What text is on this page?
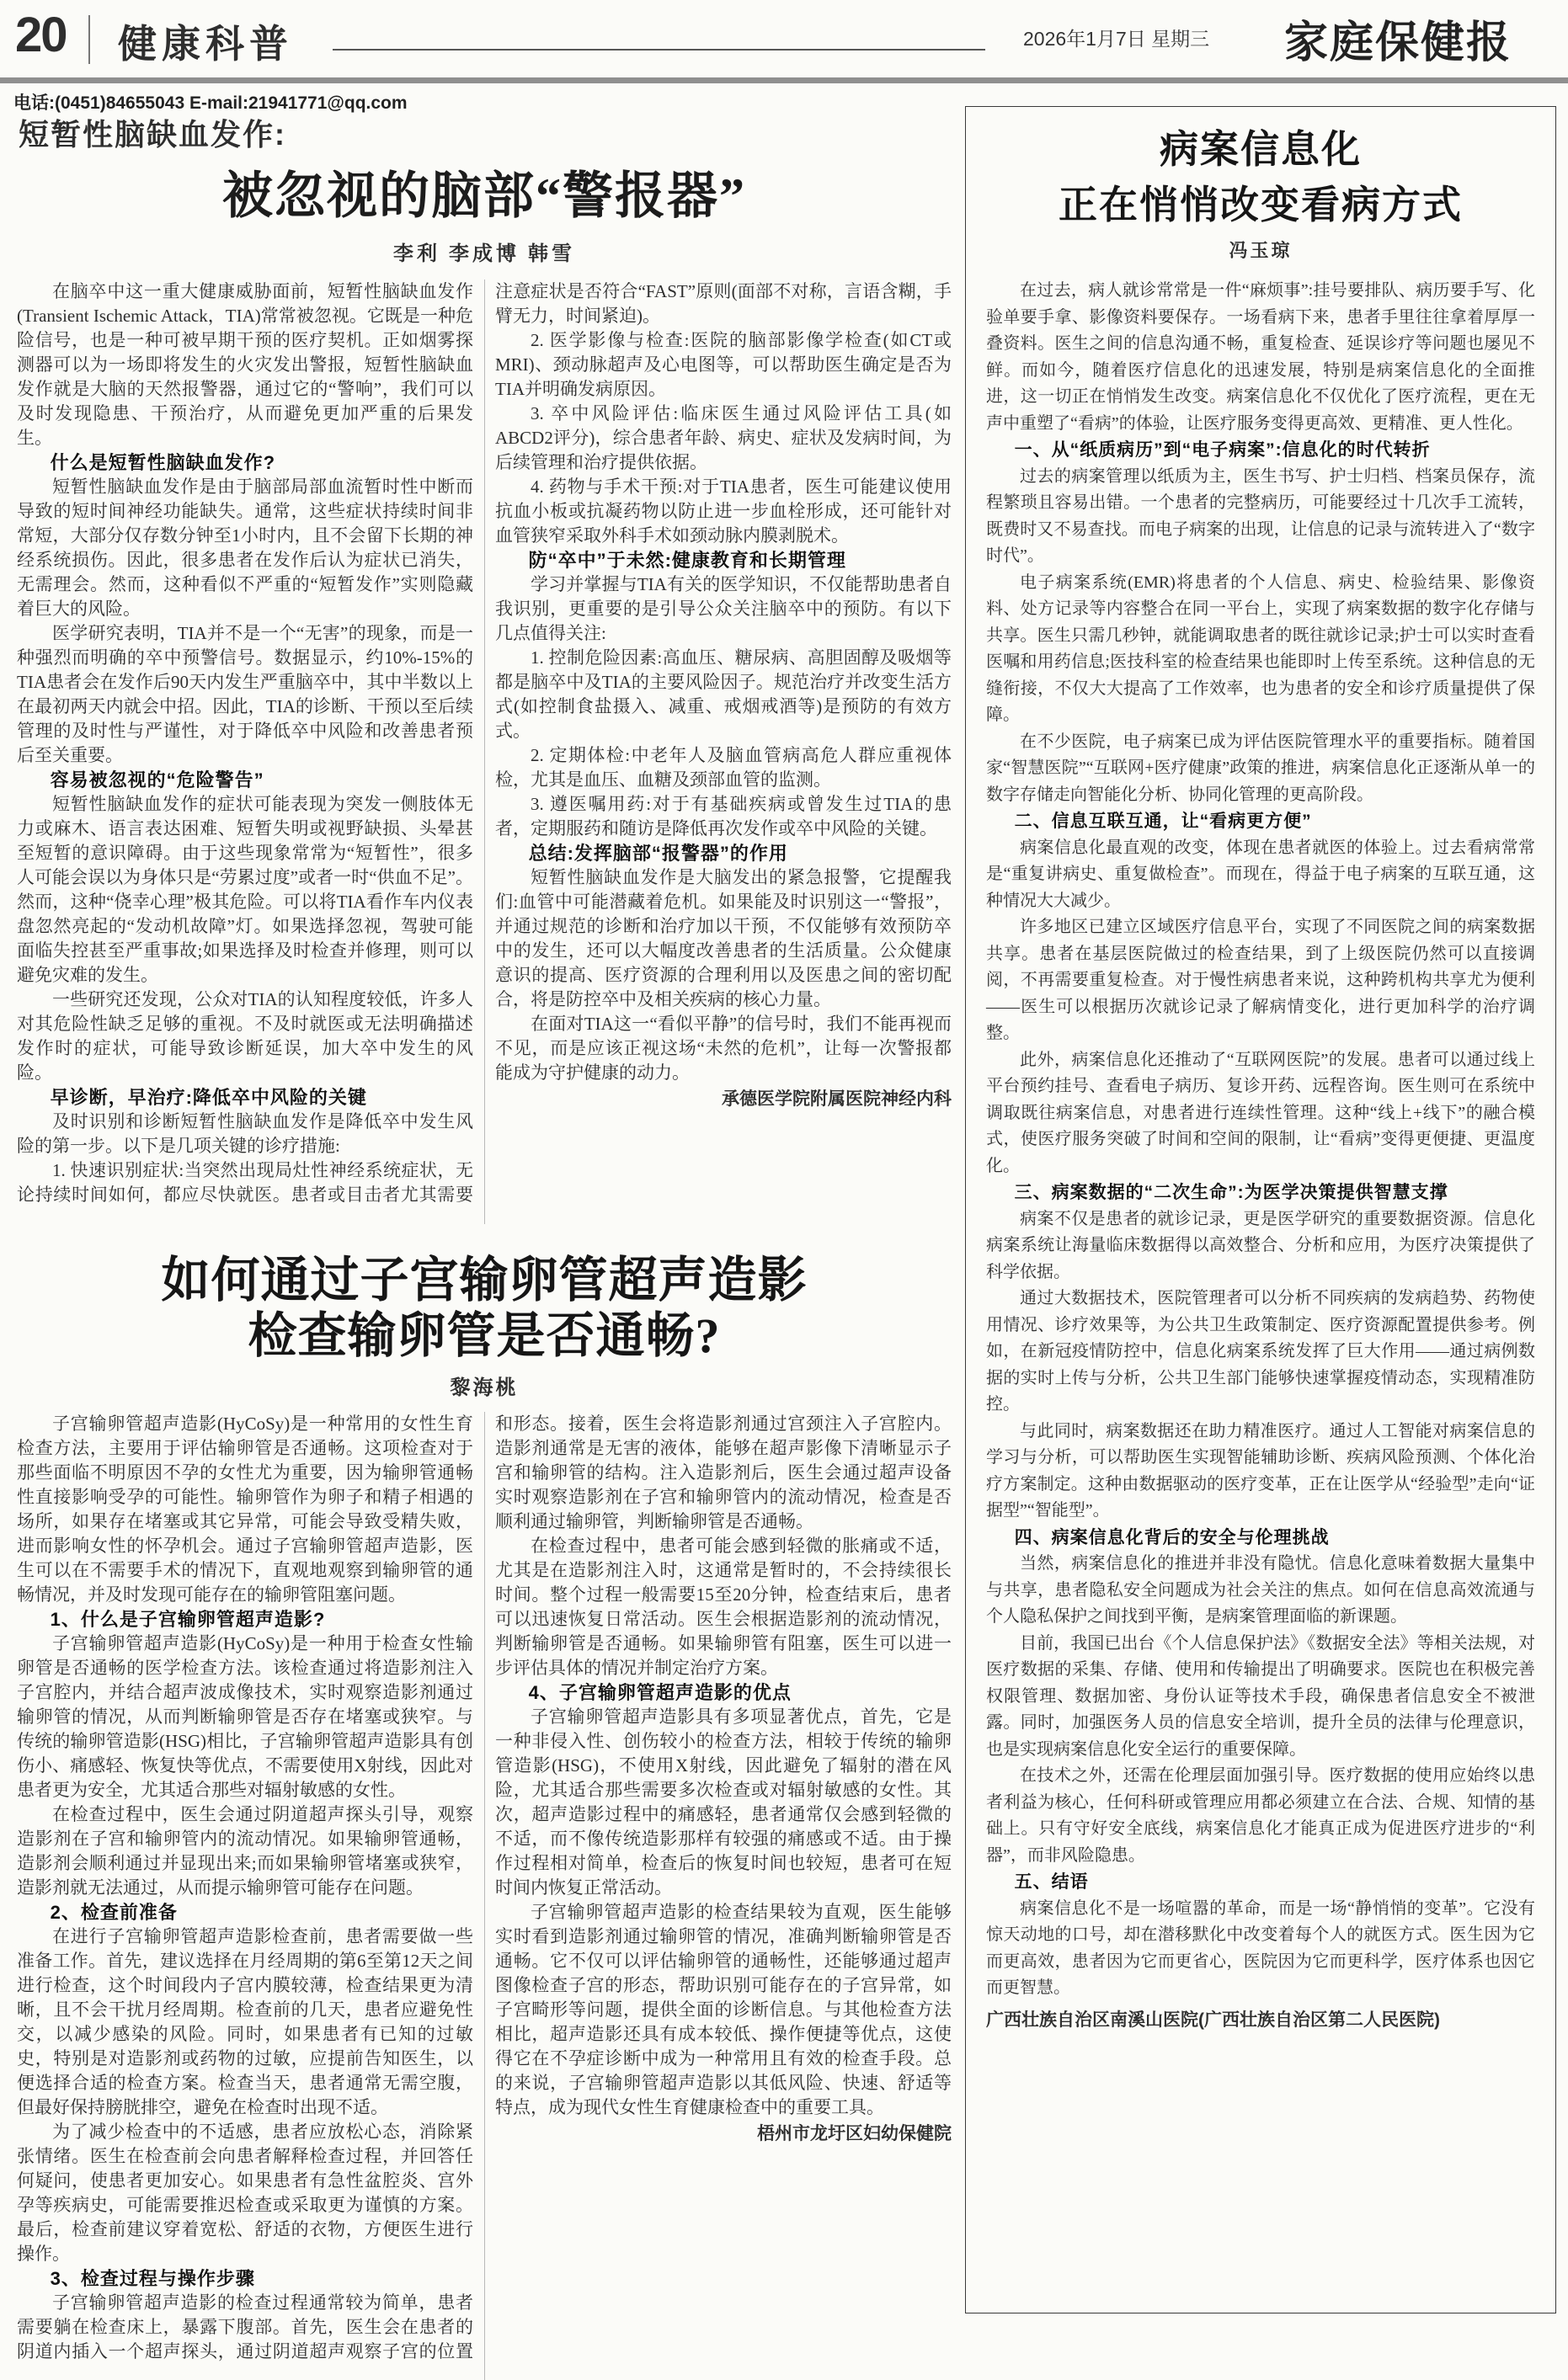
20 健康科普	2026年1月7日 星期三 家庭保健报
电话:(0451)84655043 E-mail:21941771@qq.com
短暂性脑缺血发作:
被忽视的脑部“警报器”
李利 李成博 韩雪

在脑卒中这一重大健康威胁面前，短暂性脑缺血发作(Transient Ischemic Attack，TIA)常常被忽视。它既是一种危险信号，也是一种可被早期干预的医疗契机。正如烟雾探测器可以为一场即将发生的火灾发出警报，短暂性脑缺血发作就是大脑的天然报警器，通过它的“警响”，我们可以及时发现隐患、干预治疗，从而避免更加严重的后果发生。

什么是短暂性脑缺血发作?

短暂性脑缺血发作是由于脑部局部血流暂时性中断而导致的短时间神经功能缺失。通常，这些症状持续时间非常短，大部分仅存数分钟至1小时内，且不会留下长期的神经系统损伤。因此，很多患者在发作后认为症状已消失，无需理会。然而，这种看似不严重的“短暂发作”实则隐藏着巨大的风险。

医学研究表明，TIA并不是一个“无害”的现象，而是一种强烈而明确的卒中预警信号。数据显示，约10%-15%的TIA患者会在发作后90天内发生严重脑卒中，其中半数以上在最初两天内就会中招。因此，TIA的诊断、干预以至后续管理的及时性与严谨性，对于降低卒中风险和改善患者预后至关重要。

容易被忽视的“危险警告”

短暂性脑缺血发作的症状可能表现为突发一侧肢体无力或麻木、语言表达困难、短暂失明或视野缺损、头晕甚至短暂的意识障碍。由于这些现象常常为“短暂性”，很多人可能会误以为身体只是“劳累过度”或者一时“供血不足”。然而，这种“侥幸心理”极其危险。可以将TIA看作车内仪表盘忽然亮起的“发动机故障”灯。如果选择忽视，驾驶可能面临失控甚至严重事故;如果选择及时检查并修理，则可以避免灾难的发生。

一些研究还发现，公众对TIA的认知程度较低，许多人对其危险性缺乏足够的重视。不及时就医或无法明确描述发作时的症状，可能导致诊断延误，加大卒中发生的风险。

早诊断，早治疗:降低卒中风险的关键

及时识别和诊断短暂性脑缺血发作是降低卒中发生风险的第一步。以下是几项关键的诊疗措施:

1. 快速识别症状:当突然出现局灶性神经系统症状，无论持续时间如何，都应尽快就医。患者或目击者尤其需要注意症状是否符合“FAST”原则(面部不对称，言语含糊，手臂无力，时间紧迫)。

2. 医学影像与检查:医院的脑部影像学检查(如CT或MRI)、颈动脉超声及心电图等，可以帮助医生确定是否为TIA并明确发病原因。

3. 卒中风险评估:临床医生通过风险评估工具(如ABCD2评分)，综合患者年龄、病史、症状及发病时间，为后续管理和治疗提供依据。

4. 药物与手术干预:对于TIA患者，医生可能建议使用抗血小板或抗凝药物以防止进一步血栓形成，还可能针对血管狭窄采取外科手术如颈动脉内膜剥脱术。

防“卒中”于未然:健康教育和长期管理

学习并掌握与TIA有关的医学知识，不仅能帮助患者自我识别，更重要的是引导公众关注脑卒中的预防。有以下几点值得关注:

1. 控制危险因素:高血压、糖尿病、高胆固醇及吸烟等都是脑卒中及TIA的主要风险因子。规范治疗并改变生活方式(如控制食盐摄入、减重、戒烟戒酒等)是预防的有效方式。

2. 定期体检:中老年人及脑血管病高危人群应重视体检，尤其是血压、血糖及颈部血管的监测。

3. 遵医嘱用药:对于有基础疾病或曾发生过TIA的患者，定期服药和随访是降低再次发作或卒中风险的关键。

总结:发挥脑部“报警器”的作用

短暂性脑缺血发作是大脑发出的紧急报警，它提醒我们:血管中可能潜藏着危机。如果能及时识别这一“警报”，并通过规范的诊断和治疗加以干预，不仅能够有效预防卒中的发生，还可以大幅度改善患者的生活质量。公众健康意识的提高、医疗资源的合理利用以及医患之间的密切配合，将是防控卒中及相关疾病的核心力量。

在面对TIA这一“看似平静”的信号时，我们不能再视而不见，而是应该正视这场“未然的危机”，让每一次警报都能成为守护健康的动力。

承德医学院附属医院神经内科
如何通过子宫输卵管超声造影
检查输卵管是否通畅?
黎海桃

子宫输卵管超声造影(HyCoSy)是一种常用的女性生育检查方法，主要用于评估输卵管是否通畅。这项检查对于那些面临不明原因不孕的女性尤为重要，因为输卵管通畅性直接影响受孕的可能性。输卵管作为卵子和精子相遇的场所，如果存在堵塞或其它异常，可能会导致受精失败，进而影响女性的怀孕机会。通过子宫输卵管超声造影，医生可以在不需要手术的情况下，直观地观察到输卵管的通畅情况，并及时发现可能存在的输卵管阻塞问题。

1、什么是子宫输卵管超声造影?

子宫输卵管超声造影(HyCoSy)是一种用于检查女性输卵管是否通畅的医学检查方法。该检查通过将造影剂注入子宫腔内，并结合超声波成像技术，实时观察造影剂通过输卵管的情况，从而判断输卵管是否存在堵塞或狭窄。与传统的输卵管造影(HSG)相比，子宫输卵管超声造影具有创伤小、痛感轻、恢复快等优点，不需要使用X射线，因此对患者更为安全，尤其适合那些对辐射敏感的女性。

在检查过程中，医生会通过阴道超声探头引导，观察造影剂在子宫和输卵管内的流动情况。如果输卵管通畅，造影剂会顺利通过并显现出来;而如果输卵管堵塞或狭窄，造影剂就无法通过，从而提示输卵管可能存在问题。

2、检查前准备

在进行子宫输卵管超声造影检查前，患者需要做一些准备工作。首先，建议选择在月经周期的第6至第12天之间进行检查，这个时间段内子宫内膜较薄，检查结果更为清晰，且不会干扰月经周期。检查前的几天，患者应避免性交，以减少感染的风险。同时，如果患者有已知的过敏史，特别是对造影剂或药物的过敏，应提前告知医生，以便选择合适的检查方案。检查当天，患者通常无需空腹，但最好保持膀胱排空，避免在检查时出现不适。

为了减少检查中的不适感，患者应放松心态，消除紧张情绪。医生在检查前会向患者解释检查过程，并回答任何疑问，使患者更加安心。如果患者有急性盆腔炎、宫外孕等疾病史，可能需要推迟检查或采取更为谨慎的方案。最后，检查前建议穿着宽松、舒适的衣物，方便医生进行操作。

3、检查过程与操作步骤

子宫输卵管超声造影的检查过程通常较为简单，患者需要躺在检查床上，暴露下腹部。首先，医生会在患者的阴道内插入一个超声探头，通过阴道超声观察子宫的位置和形态。接着，医生会将造影剂通过宫颈注入子宫腔内。造影剂通常是无害的液体，能够在超声影像下清晰显示子宫和输卵管的结构。注入造影剂后，医生会通过超声设备实时观察造影剂在子宫和输卵管内的流动情况，检查是否顺利通过输卵管，判断输卵管是否通畅。

在检查过程中，患者可能会感到轻微的胀痛或不适，尤其是在造影剂注入时，这通常是暂时的，不会持续很长时间。整个过程一般需要15至20分钟，检查结束后，患者可以迅速恢复日常活动。医生会根据造影剂的流动情况，判断输卵管是否通畅。如果输卵管有阻塞，医生可以进一步评估具体的情况并制定治疗方案。

4、子宫输卵管超声造影的优点

子宫输卵管超声造影具有多项显著优点，首先，它是一种非侵入性、创伤较小的检查方法，相较于传统的输卵管造影(HSG)，不使用X射线，因此避免了辐射的潜在风险，尤其适合那些需要多次检查或对辐射敏感的女性。其次，超声造影过程中的痛感轻，患者通常仅会感到轻微的不适，而不像传统造影那样有较强的痛感或不适。由于操作过程相对简单，检查后的恢复时间也较短，患者可在短时间内恢复正常活动。

子宫输卵管超声造影的检查结果较为直观，医生能够实时看到造影剂通过输卵管的情况，准确判断输卵管是否通畅。它不仅可以评估输卵管的通畅性，还能够通过超声图像检查子宫的形态，帮助识别可能存在的子宫异常，如子宫畸形等问题，提供全面的诊断信息。与其他检查方法相比，超声造影还具有成本较低、操作便捷等优点，这使得它在不孕症诊断中成为一种常用且有效的检查手段。总的来说，子宫输卵管超声造影以其低风险、快速、舒适等特点，成为现代女性生育健康检查中的重要工具。

梧州市龙圩区妇幼保健院
病案信息化
正在悄悄改变看病方式
冯玉琼

在过去，病人就诊常常是一件“麻烦事”:挂号要排队、病历要手写、化验单要手拿、影像资料要保存。一场看病下来，患者手里往往拿着厚厚一叠资料。医生之间的信息沟通不畅，重复检查、延误诊疗等问题也屡见不鲜。而如今，随着医疗信息化的迅速发展，特别是病案信息化的全面推进，这一切正在悄悄发生改变。病案信息化不仅优化了医疗流程，更在无声中重塑了“看病”的体验，让医疗服务变得更高效、更精准、更人性化。

一、从“纸质病历”到“电子病案”:信息化的时代转折

过去的病案管理以纸质为主，医生书写、护士归档、档案员保存，流程繁琐且容易出错。一个患者的完整病历，可能要经过十几次手工流转，既费时又不易查找。而电子病案的出现，让信息的记录与流转进入了“数字时代”。

电子病案系统(EMR)将患者的个人信息、病史、检验结果、影像资料、处方记录等内容整合在同一平台上，实现了病案数据的数字化存储与共享。医生只需几秒钟，就能调取患者的既往就诊记录;护士可以实时查看医嘱和用药信息;医技科室的检查结果也能即时上传至系统。这种信息的无缝衔接，不仅大大提高了工作效率，也为患者的安全和诊疗质量提供了保障。

在不少医院，电子病案已成为评估医院管理水平的重要指标。随着国家“智慧医院”“互联网+医疗健康”政策的推进，病案信息化正逐渐从单一的数字存储走向智能化分析、协同化管理的更高阶段。

二、信息互联互通，让“看病更方便”

病案信息化最直观的改变，体现在患者就医的体验上。过去看病常常是“重复讲病史、重复做检查”。而现在，得益于电子病案的互联互通，这种情况大大减少。

许多地区已建立区域医疗信息平台，实现了不同医院之间的病案数据共享。患者在基层医院做过的检查结果，到了上级医院仍然可以直接调阅，不再需要重复检查。对于慢性病患者来说，这种跨机构共享尤为便利——医生可以根据历次就诊记录了解病情变化，进行更加科学的治疗调整。

此外，病案信息化还推动了“互联网医院”的发展。患者可以通过线上平台预约挂号、查看电子病历、复诊开药、远程咨询。医生则可在系统中调取既往病案信息，对患者进行连续性管理。这种“线上+线下”的融合模式，使医疗服务突破了时间和空间的限制，让“看病”变得更便捷、更温度化。

三、病案数据的“二次生命”:为医学决策提供智慧支撑

病案不仅是患者的就诊记录，更是医学研究的重要数据资源。信息化病案系统让海量临床数据得以高效整合、分析和应用，为医疗决策提供了科学依据。

通过大数据技术，医院管理者可以分析不同疾病的发病趋势、药物使用情况、诊疗效果等，为公共卫生政策制定、医疗资源配置提供参考。例如，在新冠疫情防控中，信息化病案系统发挥了巨大作用——通过病例数据的实时上传与分析，公共卫生部门能够快速掌握疫情动态，实现精准防控。

与此同时，病案数据还在助力精准医疗。通过人工智能对病案信息的学习与分析，可以帮助医生实现智能辅助诊断、疾病风险预测、个体化治疗方案制定。这种由数据驱动的医疗变革，正在让医学从“经验型”走向“证据型”“智能型”。

四、病案信息化背后的安全与伦理挑战

当然，病案信息化的推进并非没有隐忧。信息化意味着数据大量集中与共享，患者隐私安全问题成为社会关注的焦点。如何在信息高效流通与个人隐私保护之间找到平衡，是病案管理面临的新课题。

目前，我国已出台《个人信息保护法》《数据安全法》等相关法规，对医疗数据的采集、存储、使用和传输提出了明确要求。医院也在积极完善权限管理、数据加密、身份认证等技术手段，确保患者信息安全不被泄露。同时，加强医务人员的信息安全培训，提升全员的法律与伦理意识，也是实现病案信息化安全运行的重要保障。

在技术之外，还需在伦理层面加强引导。医疗数据的使用应始终以患者利益为核心，任何科研或管理应用都必须建立在合法、合规、知情的基础上。只有守好安全底线，病案信息化才能真正成为促进医疗进步的“利器”，而非风险隐患。

五、结语

病案信息化不是一场喧嚣的革命，而是一场“静悄悄的变革”。它没有惊天动地的口号，却在潜移默化中改变着每个人的就医方式。医生因为它而更高效，患者因为它而更省心，医院因为它而更科学，医疗体系也因它而更智慧。

广西壮族自治区南溪山医院(广西壮族自治区第二人民医院)
